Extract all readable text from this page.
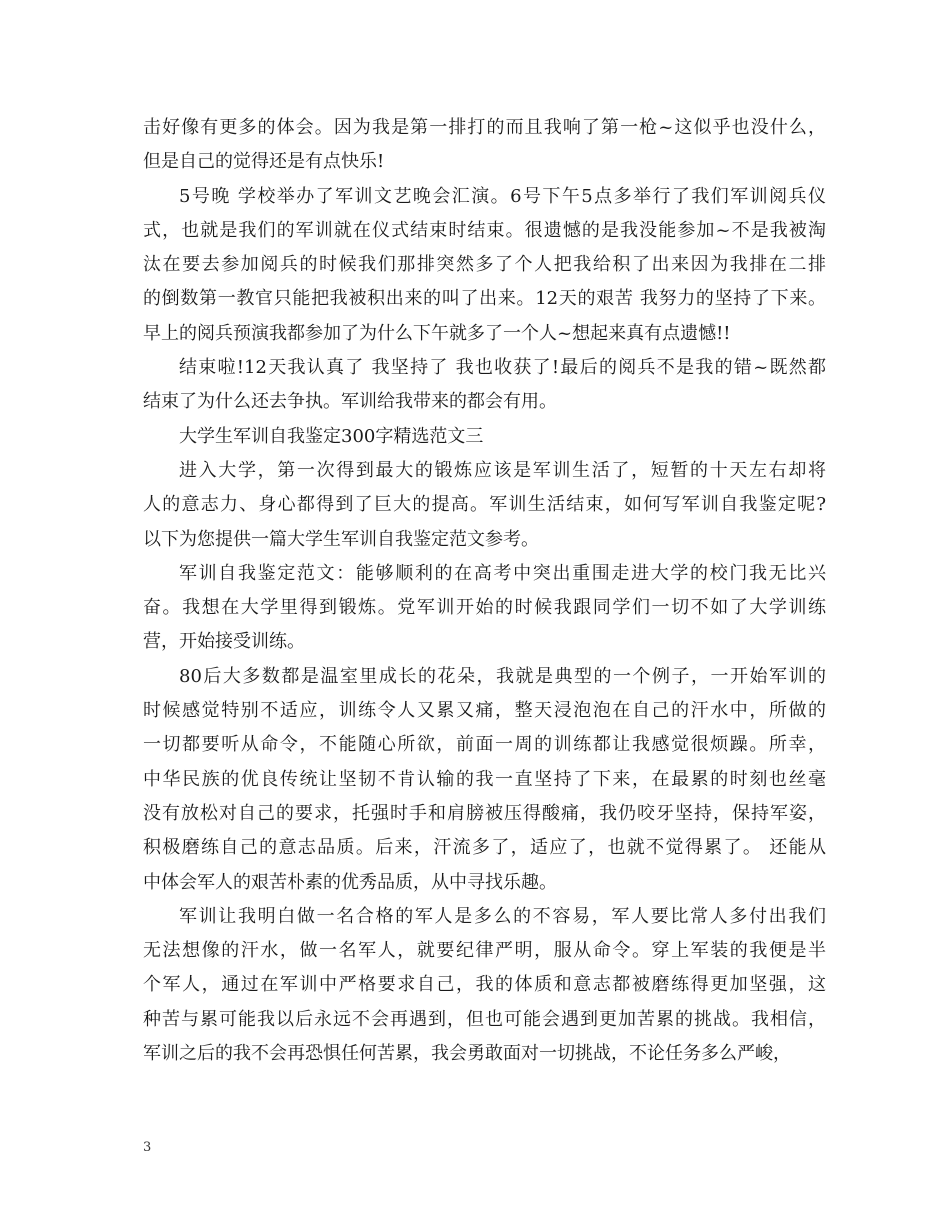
击好像有更多的体会。因为我是第一排打的而且我响了第一枪~这似乎也没什么，
但是自己的觉得还是有点快乐!
5号晚 学校举办了军训文艺晚会汇演。6号下午5点多举行了我们军训阅兵仪
式，也就是我们的军训就在仪式结束时结束。很遗憾的是我没能参加~不是我被淘
汰在要去参加阅兵的时候我们那排突然多了个人把我给积了出来因为我排在二排
的倒数第一教官只能把我被积出来的叫了出来。12天的艰苦 我努力的坚持了下来。
早上的阅兵预演我都参加了为什么下午就多了一个人~想起来真有点遗憾!!
结束啦!12天我认真了 我坚持了 我也收获了!最后的阅兵不是我的错~既然都
结束了为什么还去争执。军训给我带来的都会有用。
大学生军训自我鉴定300字精选范文三
进入大学，第一次得到最大的锻炼应该是军训生活了，短暂的十天左右却将
人的意志力、身心都得到了巨大的提高。军训生活结束，如何写军训自我鉴定呢?
以下为您提供一篇大学生军训自我鉴定范文参考。
军训自我鉴定范文：能够顺利的在高考中突出重围走进大学的校门我无比兴
奋。我想在大学里得到锻炼。党军训开始的时候我跟同学们一切不如了大学训练
营，开始接受训练。
80后大多数都是温室里成长的花朵，我就是典型的一个例子，一开始军训的
时候感觉特别不适应，训练令人又累又痛，整天浸泡泡在自己的汗水中，所做的
一切都要听从命令，不能随心所欲，前面一周的训练都让我感觉很烦躁。所幸，
中华民族的优良传统让坚韧不肯认输的我一直坚持了下来，在最累的时刻也丝毫
没有放松对自己的要求，托强时手和肩膀被压得酸痛，我仍咬牙坚持，保持军姿，
积极磨练自己的意志品质。后来，汗流多了，适应了，也就不觉得累了。 还能从
中体会军人的艰苦朴素的优秀品质，从中寻找乐趣。
军训让我明白做一名合格的军人是多么的不容易，军人要比常人多付出我们
无法想像的汗水，做一名军人，就要纪律严明，服从命令。穿上军装的我便是半
个军人，通过在军训中严格要求自己，我的体质和意志都被磨练得更加坚强，这
种苦与累可能我以后永远不会再遇到，但也可能会遇到更加苦累的挑战。我相信，
军训之后的我不会再恐惧任何苦累，我会勇敢面对一切挑战，不论任务多么严峻，
3
